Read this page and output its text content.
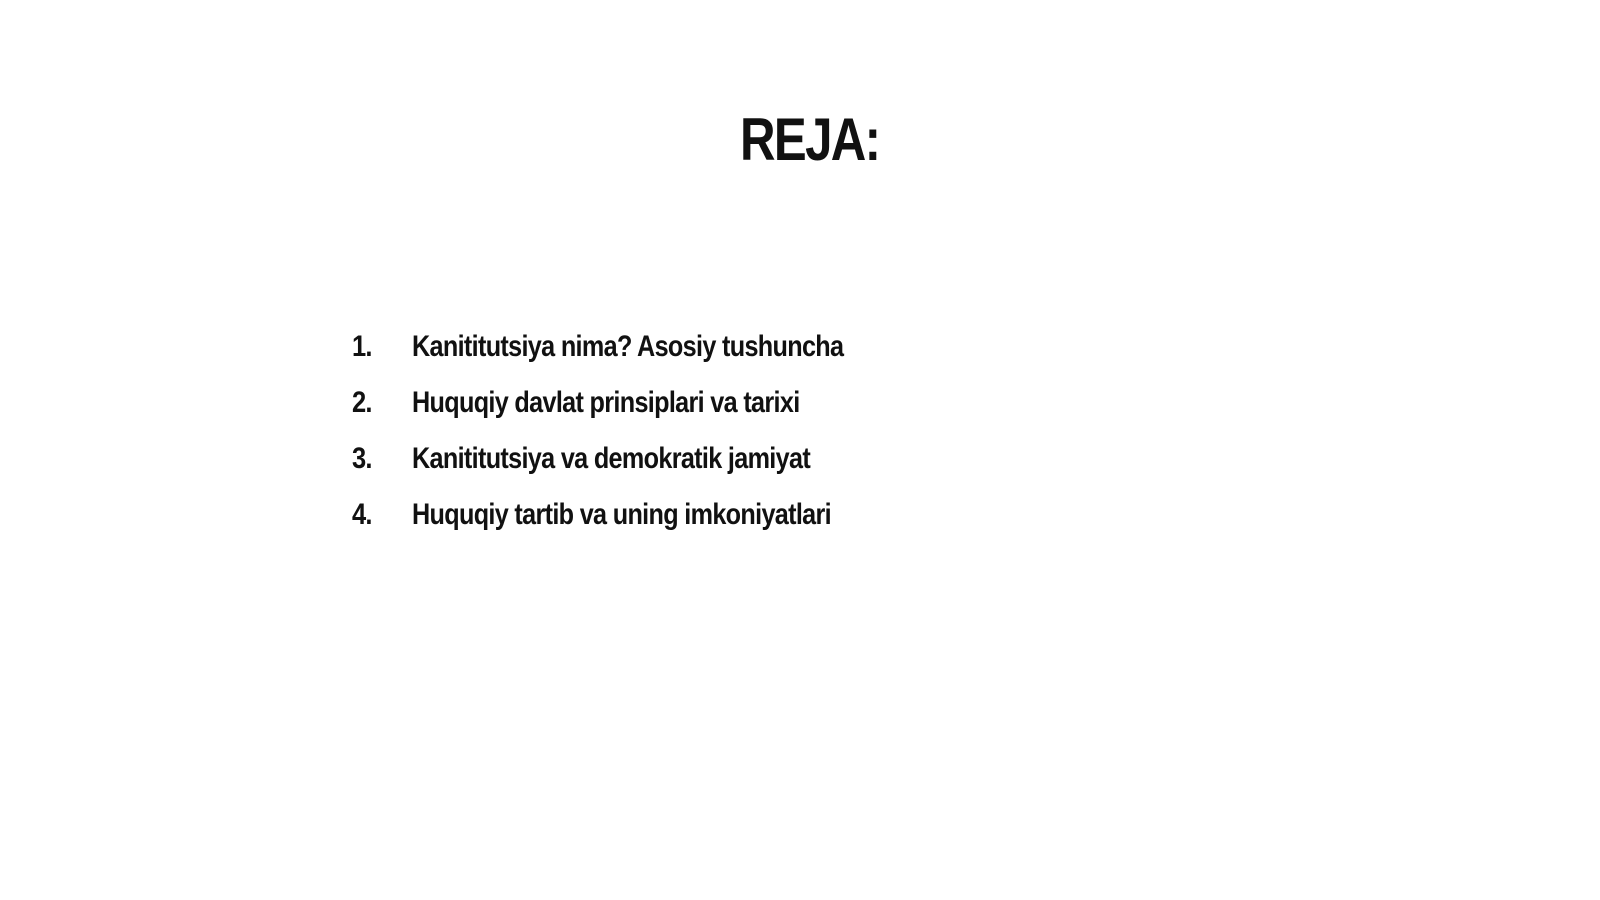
REJA:
1.	Kanititutsiya nima? Asosiy tushuncha
2.	Huquqiy davlat prinsiplari va tarixi
3.	Kanititutsiya va demokratik jamiyat
4.	Huquqiy tartib va uning imkoniyatlari
